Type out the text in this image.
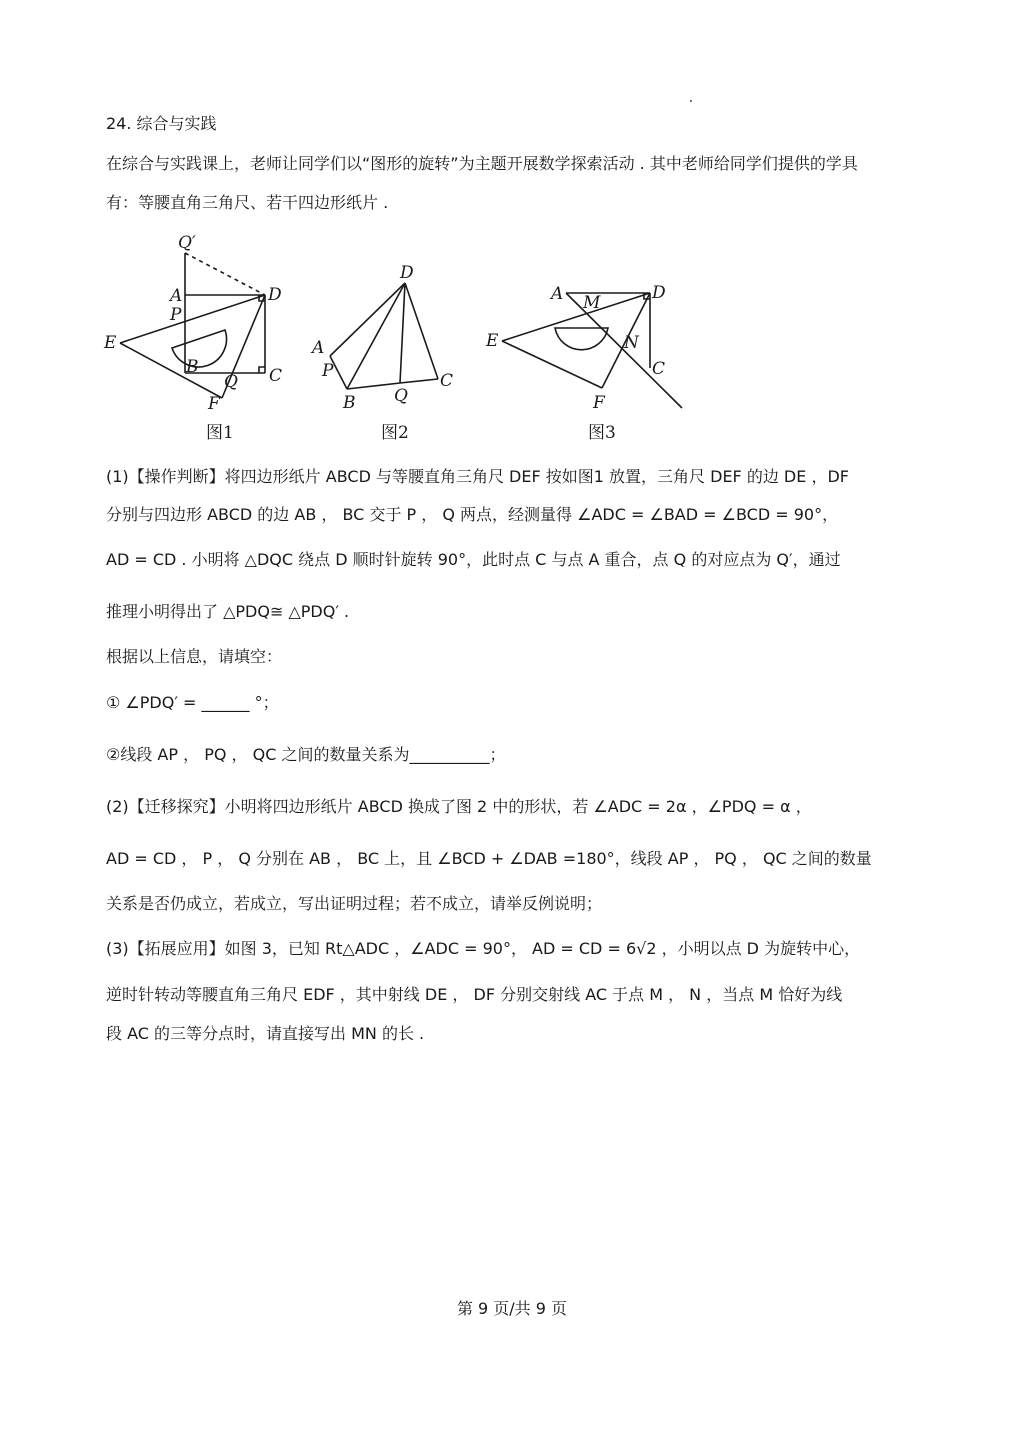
24. 综合与实践
在综合与实践课上，老师让同学们以“图形的旋转”为主题开展数学探索活动 . 其中老师给同学们提供的学具
有：等腰直角三角尺、若干四边形纸片 .
Q′
A	D
P
E
B	C
Q
F
D
A
P	C
Q
B
A M	D
E	N
C
F
图1	图2	图3
(1)【操作判断】将四边形纸片 ABCD 与等腰直角三角尺 DEF 按如图1 放置，三角尺 DEF 的边 DE ，DF
分别与四边形 ABCD 的边 AB ， BC 交于 P ， Q 两点，经测量得 ∠ADC = ∠BAD = ∠BCD = 90°，
AD = CD . 小明将 △DQC 绕点 D 顺时针旋转 90°，此时点 C 与点 A 重合，点 Q 的对应点为 Q′，通过
推理小明得出了 △PDQ≅ △PDQ′ .
根据以上信息，请填空：
① ∠PDQ′ = ______ °；
②线段 AP ， PQ ， QC 之间的数量关系为__________；
(2)【迁移探究】小明将四边形纸片 ABCD 换成了图 2 中的形状，若 ∠ADC = 2α ，∠PDQ = α ，
AD = CD ， P ， Q 分别在 AB ， BC 上，且 ∠BCD + ∠DAB =180°，线段 AP ， PQ ， QC 之间的数量
关系是否仍成立，若成立，写出证明过程；若不成立，请举反例说明；
(3)【拓展应用】如图 3，已知 Rt△ADC ，∠ADC = 90°， AD = CD = 6√2 ，小明以点 D 为旋转中心，
逆时针转动等腰直角三角尺 EDF ，其中射线 DE ， DF 分别交射线 AC 于点 M ， N ，当点 M 恰好为线
段 AC 的三等分点时，请直接写出 MN 的长 .
第 9 页/共 9 页
